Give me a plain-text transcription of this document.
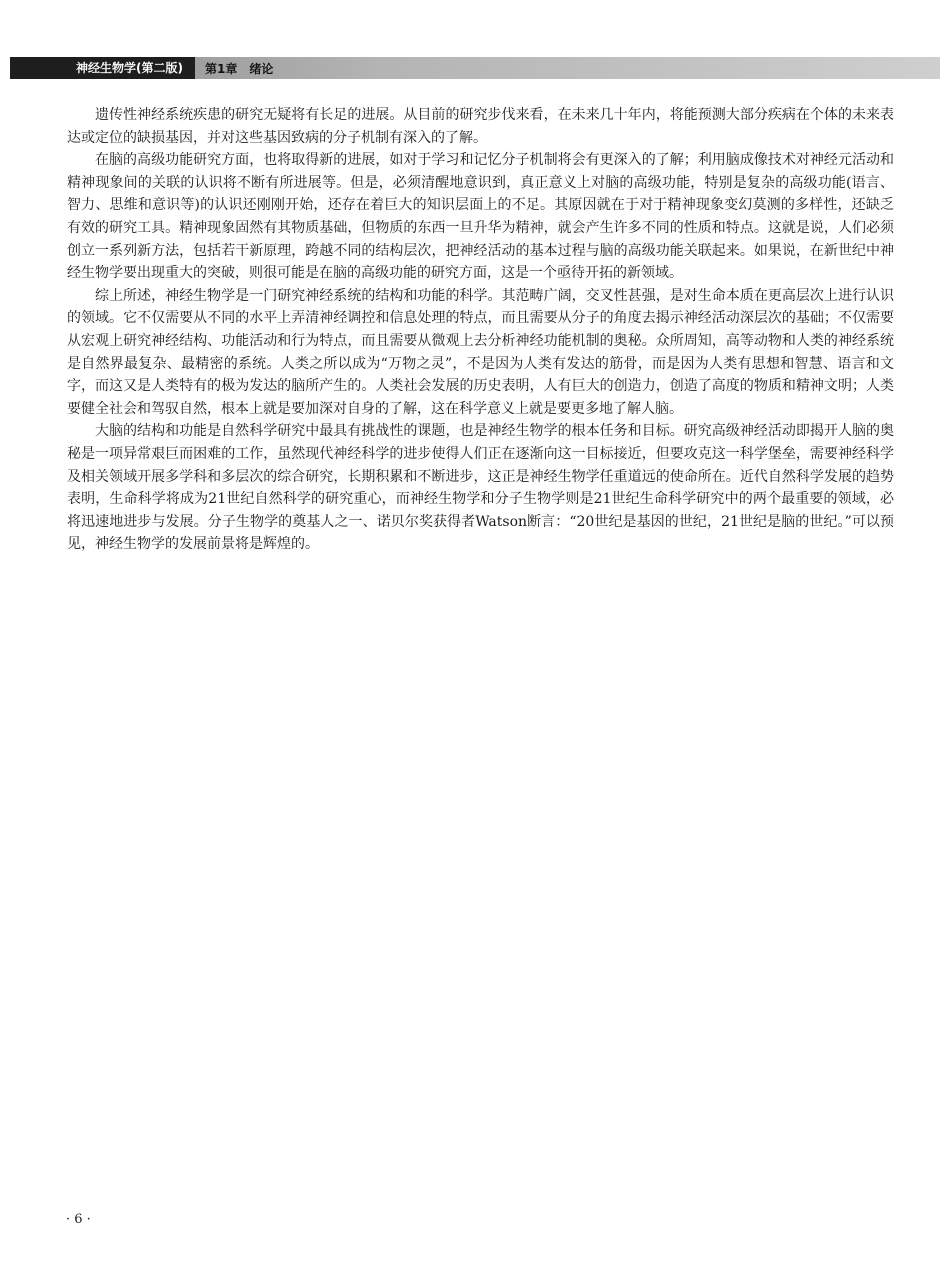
神经生物学(第二版)	第1章 绪论

遗传性神经系统疾患的研究无疑将有长足的进展。从目前的研究步伐来看，在未来几十年内，将能预测大部分疾病在个体的未来表达或定位的缺损基因，并对这些基因致病的分子机制有深入的了解。

在脑的高级功能研究方面，也将取得新的进展，如对于学习和记忆分子机制将会有更深入的了解；利用脑成像技术对神经元活动和精神现象间的关联的认识将不断有所进展等。但是，必须清醒地意识到，真正意义上对脑的高级功能，特别是复杂的高级功能(语言、智力、思维和意识等)的认识还刚刚开始，还存在着巨大的知识层面上的不足。其原因就在于对于精神现象变幻莫测的多样性，还缺乏有效的研究工具。精神现象固然有其物质基础，但物质的东西一旦升华为精神，就会产生许多不同的性质和特点。这就是说，人们必须创立一系列新方法，包括若干新原理，跨越不同的结构层次，把神经活动的基本过程与脑的高级功能关联起来。如果说，在新世纪中神经生物学要出现重大的突破，则很可能是在脑的高级功能的研究方面，这是一个亟待开拓的新领域。

综上所述，神经生物学是一门研究神经系统的结构和功能的科学。其范畴广阔，交叉性甚强，是对生命本质在更高层次上进行认识的领域。它不仅需要从不同的水平上弄清神经调控和信息处理的特点，而且需要从分子的角度去揭示神经活动深层次的基础；不仅需要从宏观上研究神经结构、功能活动和行为特点，而且需要从微观上去分析神经功能机制的奥秘。众所周知，高等动物和人类的神经系统是自然界最复杂、最精密的系统。人类之所以成为“万物之灵”，不是因为人类有发达的筋骨，而是因为人类有思想和智慧、语言和文字，而这又是人类特有的极为发达的脑所产生的。人类社会发展的历史表明，人有巨大的创造力，创造了高度的物质和精神文明；人类要健全社会和驾驭自然，根本上就是要加深对自身的了解，这在科学意义上就是要更多地了解人脑。

大脑的结构和功能是自然科学研究中最具有挑战性的课题，也是神经生物学的根本任务和目标。研究高级神经活动即揭开人脑的奥秘是一项异常艰巨而困难的工作，虽然现代神经科学的进步使得人们正在逐渐向这一目标接近，但要攻克这一科学堡垒，需要神经科学及相关领域开展多学科和多层次的综合研究，长期积累和不断进步，这正是神经生物学任重道远的使命所在。近代自然科学发展的趋势表明，生命科学将成为21世纪自然科学的研究重心，而神经生物学和分子生物学则是21世纪生命科学研究中的两个最重要的领域，必将迅速地进步与发展。分子生物学的奠基人之一、诺贝尔奖获得者Watson断言：“20世纪是基因的世纪，21世纪是脑的世纪。”可以预见，神经生物学的发展前景将是辉煌的。

· 6 ·
